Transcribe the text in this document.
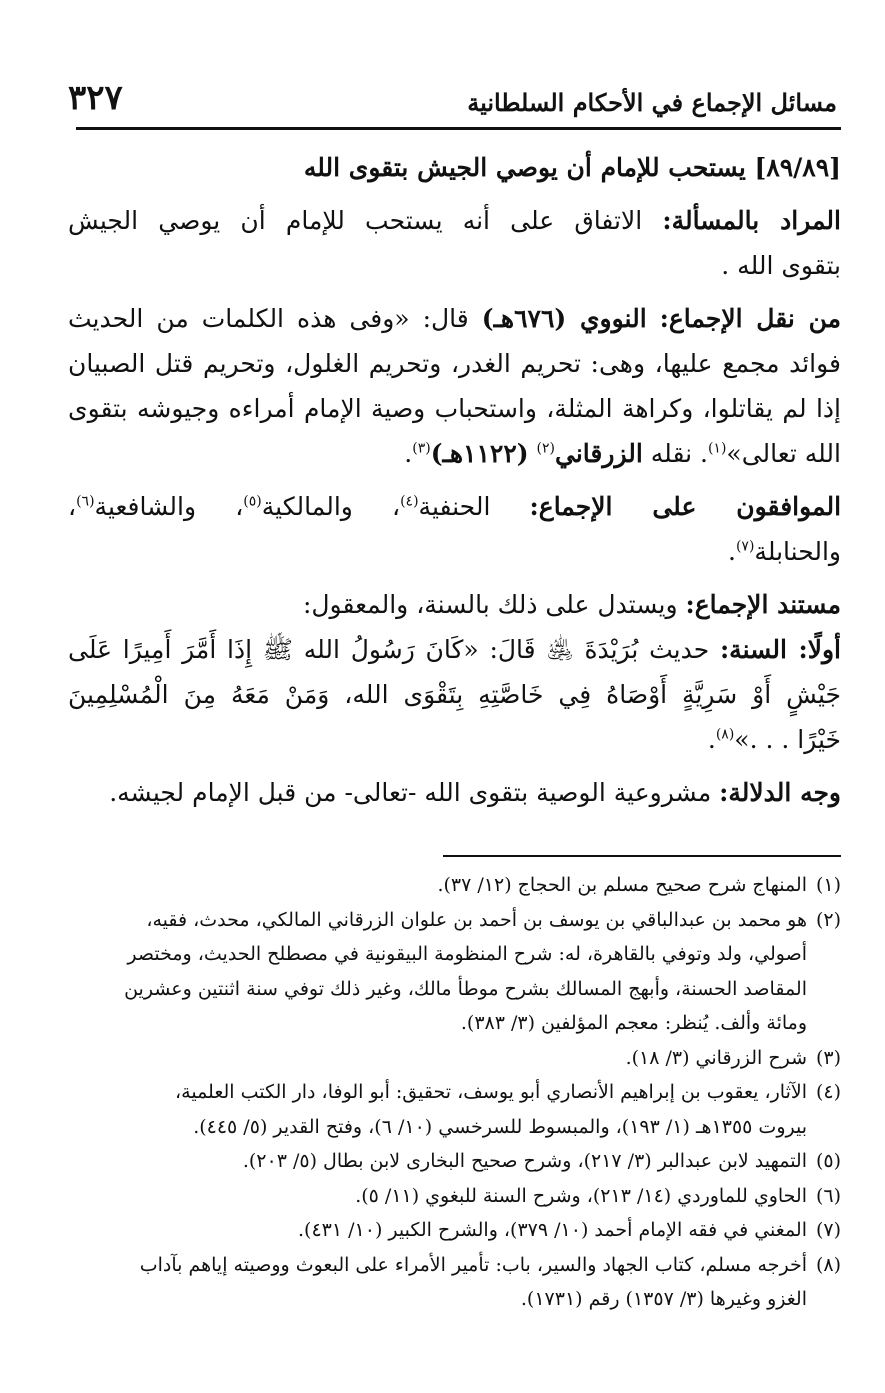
مسائل الإجماع في الأحكام السلطانية
٣٢٧
[٨٩/٨٩] يستحب للإمام أن يوصي الجيش بتقوى الله
المراد بالمسألة: الاتفاق على أنه يستحب للإمام أن يوصي الجيش
بتقوى الله .
من نقل الإجماع: النووي (٦٧٦هـ) قال: «وفى هذه الكلمات من الحديث
فوائد مجمع عليها، وهى: تحريم الغدر، وتحريم الغلول، وتحريم قتل الصبيان
إذا لم يقاتلوا، وكراهة المثلة، واستحباب وصية الإمام أمراءه وجيوشه بتقوى
الله تعالى»$^{(١)}$. نقله الزرقاني$^{(٢)}$ (١١٢٢هـ)$^{(٣)}$.
الموافقون على الإجماع: الحنفية$^{(٤)}$، والمالكية$^{(٥)}$، والشافعية$^{(٦)}$،
والحنابلة$^{(٧)}$.
مستند الإجماع: ويستدل على ذلك بالسنة، والمعقول:
أولًا: السنة: حديث بُرَيْدَةَ ﵁ قَالَ: «كَانَ رَسُولُ الله ﷺ إِذَا أَمَّرَ أَمِيرًا عَلَى
جَيْشٍ أَوْ سَرِيَّةٍ أَوْصَاهُ فِي خَاصَّتِهِ بِتَقْوَى الله، وَمَنْ مَعَهُ مِنَ الْمُسْلِمِينَ
خَيْرًا . . .»$^{(٨)}$.
وجه الدلالة: مشروعية الوصية بتقوى الله -تعالى- من قبل الإمام لجيشه.
(١)
المنهاج شرح صحيح مسلم بن الحجاج (١٢/ ٣٧).
(٢)
هو محمد بن عبدالباقي بن يوسف بن أحمد بن علوان الزرقاني المالكي، محدث، فقيه،
أصولي، ولد وتوفي بالقاهرة، له: شرح المنظومة البيقونية في مصطلح الحديث، ومختصر
المقاصد الحسنة، وأبهج المسالك بشرح موطأ مالك، وغير ذلك توفي سنة اثنتين وعشرين
ومائة وألف. يُنظر: معجم المؤلفين (٣/ ٣٨٣).
(٣)
شرح الزرقاني (٣/ ١٨).
(٤)
الآثار، يعقوب بن إبراهيم الأنصاري أبو يوسف، تحقيق: أبو الوفا، دار الكتب العلمية،
بيروت ١٣٥٥هـ (١/ ١٩٣)، والمبسوط للسرخسي (١٠/ ٦)، وفتح القدير (٥/ ٤٤٥).
(٥)
التمهيد لابن عبدالبر (٣/ ٢١٧)، وشرح صحيح البخارى لابن بطال (٥/ ٢٠٣).
(٦)
الحاوي للماوردي (١٤/ ٢١٣)، وشرح السنة للبغوي (١١/ ٥).
(٧)
المغني في فقه الإمام أحمد (١٠/ ٣٧٩)، والشرح الكبير (١٠/ ٤٣١).
(٨)
أخرجه مسلم، كتاب الجهاد والسير، باب: تأمير الأمراء على البعوث ووصيته إياهم بآداب
الغزو وغيرها (٣/ ١٣٥٧) رقم (١٧٣١).
